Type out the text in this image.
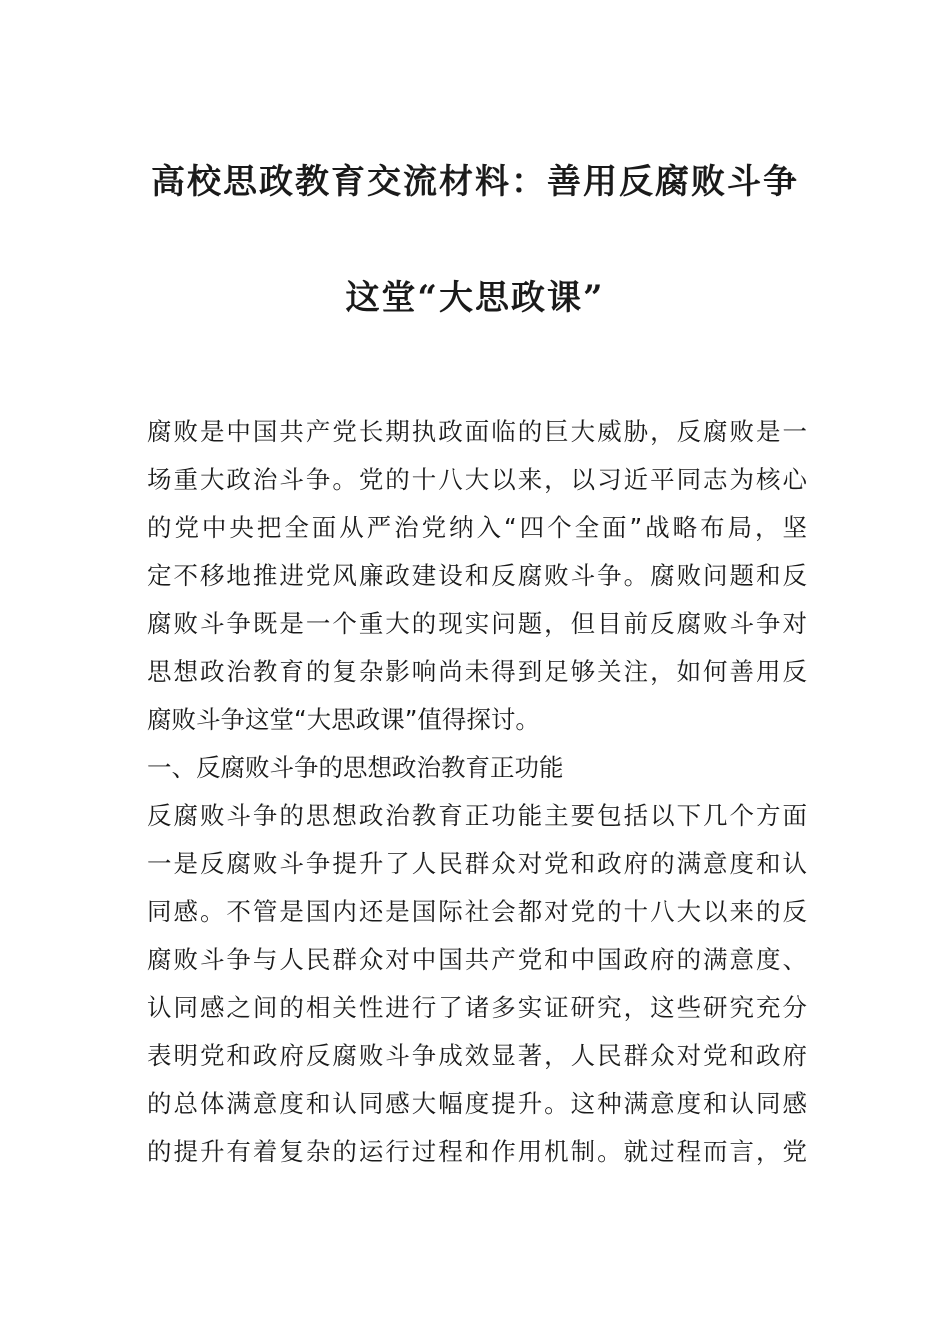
高校思政教育交流材料：善用反腐败斗争
这堂“大思政课”
腐败是中国共产党长期执政面临的巨大威胁，反腐败是一
场重大政治斗争。党的十八大以来，以习近平同志为核心
的党中央把全面从严治党纳入“四个全面”战略布局，坚
定不移地推进党风廉政建设和反腐败斗争。腐败问题和反
腐败斗争既是一个重大的现实问题，但目前反腐败斗争对
思想政治教育的复杂影响尚未得到足够关注，如何善用反
腐败斗争这堂“大思政课”值得探讨。
一、反腐败斗争的思想政治教育正功能
反腐败斗争的思想政治教育正功能主要包括以下几个方面
一是反腐败斗争提升了人民群众对党和政府的满意度和认
同感。不管是国内还是国际社会都对党的十八大以来的反
腐败斗争与人民群众对中国共产党和中国政府的满意度、
认同感之间的相关性进行了诸多实证研究，这些研究充分
表明党和政府反腐败斗争成效显著，人民群众对党和政府
的总体满意度和认同感大幅度提升。这种满意度和认同感
的提升有着复杂的运行过程和作用机制。就过程而言，党
